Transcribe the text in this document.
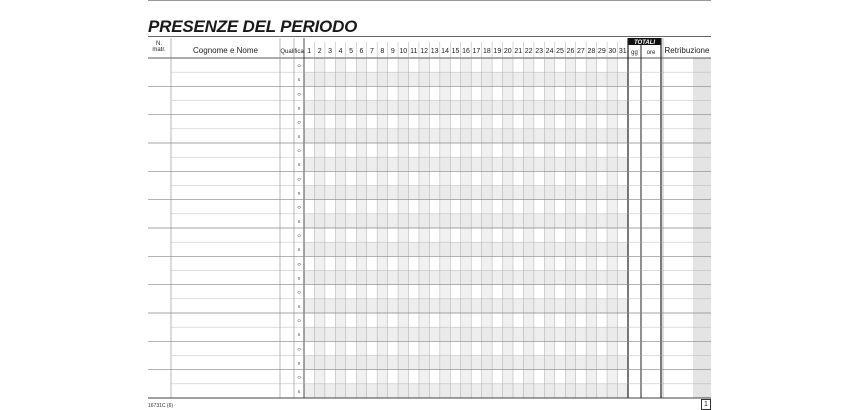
PRESENZE DEL PERIODO
TOTALI
N.
matr.	Cognome e Nome	Qualifica 1 2 3 4 5 6 7 8 9 10 11 12 13 14 15 16 17 18 19 20 21 22 23 24 25 26 27 28 29 30 31 gg ore Retribuzione
O
S
O
S
O
S
O
S
O
S
O
S
O
S
O
S
O
S
O
S
O
S
O
S
16731C (6)	1
